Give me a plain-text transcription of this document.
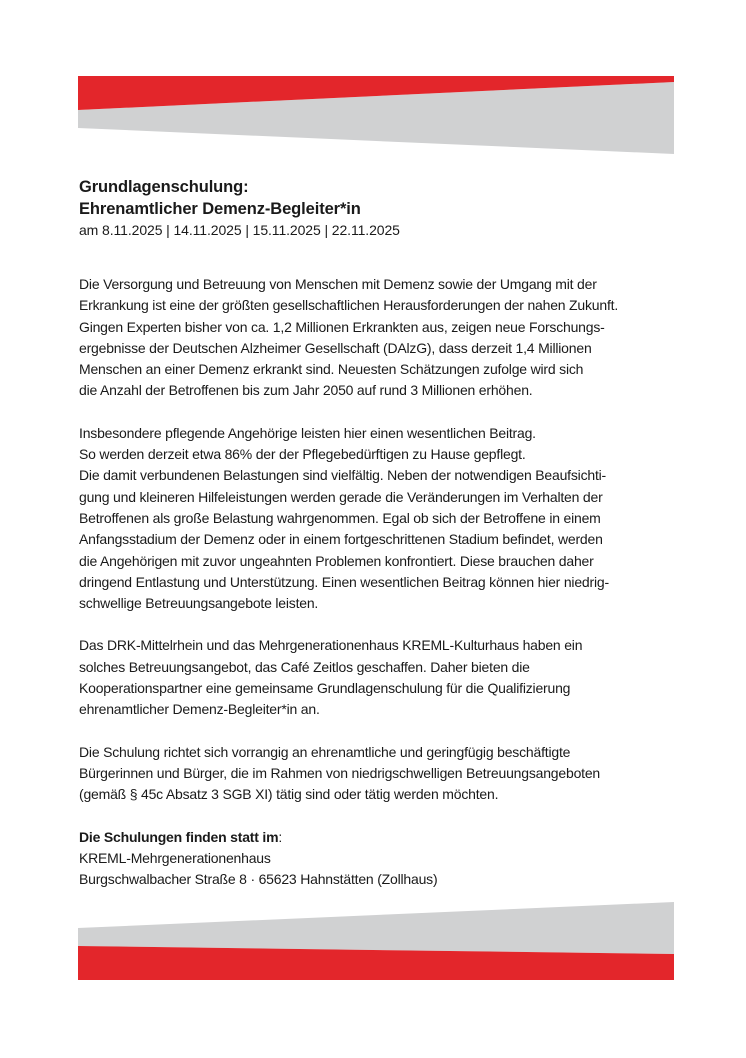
Grundlagenschulung:
Ehrenamtlicher Demenz-Begleiter*in

am 8.11.2025 | 14.11.2025 | 15.11.2025 | 22.11.2025

Die Versorgung und Betreuung von Menschen mit Demenz sowie der Umgang mit der
Erkrankung ist eine der größten gesellschaftlichen Herausforderungen der nahen Zukunft.
Gingen Experten bisher von ca. 1,2 Millionen Erkrankten aus, zeigen neue Forschungs-
ergebnisse der Deutschen Alzheimer Gesellschaft (DAlzG), dass derzeit 1,4 Millionen
Menschen an einer Demenz erkrankt sind. Neuesten Schätzungen zufolge wird sich
die Anzahl der Betroffenen bis zum Jahr 2050 auf rund 3 Millionen erhöhen.

Insbesondere pflegende Angehörige leisten hier einen wesentlichen Beitrag.
So werden derzeit etwa 86% der der Pflegebedürftigen zu Hause gepflegt.
Die damit verbundenen Belastungen sind vielfältig. Neben der notwendigen Beaufsichti-
gung und kleineren Hilfeleistungen werden gerade die Veränderungen im Verhalten der
Betroffenen als große Belastung wahrgenommen. Egal ob sich der Betroffene in einem
Anfangsstadium der Demenz oder in einem fortgeschrittenen Stadium befindet, werden
die Angehörigen mit zuvor ungeahnten Problemen konfrontiert. Diese brauchen daher
dringend Entlastung und Unterstützung. Einen wesentlichen Beitrag können hier niedrig-
schwellige Betreuungsangebote leisten.

Das DRK-Mittelrhein und das Mehrgenerationenhaus KREML-Kulturhaus haben ein
solches Betreuungsangebot, das Café Zeitlos geschaffen. Daher bieten die
Kooperationspartner eine gemeinsame Grundlagenschulung für die Qualifizierung
ehrenamtlicher Demenz-Begleiter*in an.

Die Schulung richtet sich vorrangig an ehrenamtliche und geringfügig beschäftigte
Bürgerinnen und Bürger, die im Rahmen von niedrigschwelligen Betreuungsangeboten
(gemäß § 45c Absatz 3 SGB XI) tätig sind oder tätig werden möchten.

Die Schulungen finden statt im:
KREML-Mehrgenerationenhaus
Burgschwalbacher Straße 8 · 65623 Hahnstätten (Zollhaus)
